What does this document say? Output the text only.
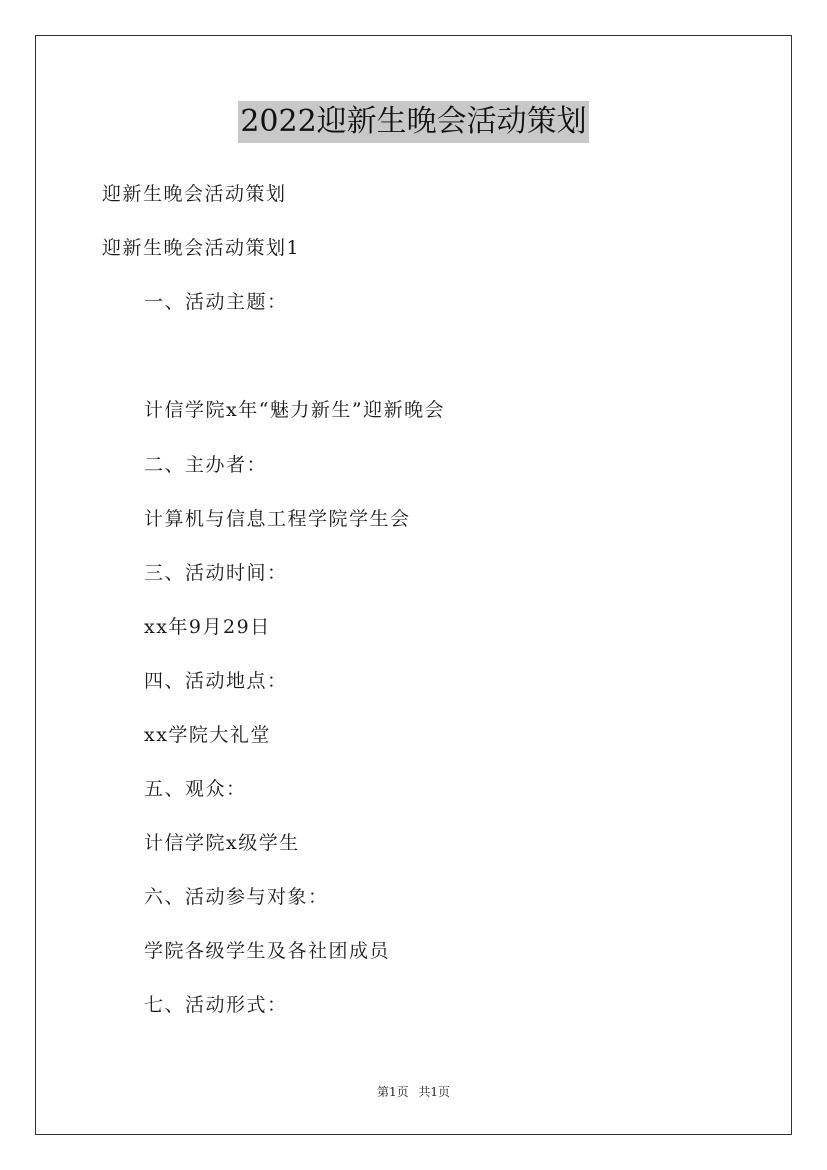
2022迎新生晚会活动策划
迎新生晚会活动策划
迎新生晚会活动策划1
一、活动主题：
计信学院x年“魅力新生”迎新晚会
二、主办者：
计算机与信息工程学院学生会
三、活动时间：
xx年9月29日
四、活动地点：
xx学院大礼堂
五、观众：
计信学院x级学生
六、活动参与对象：
学院各级学生及各社团成员
七、活动形式：
第1页 共1页
